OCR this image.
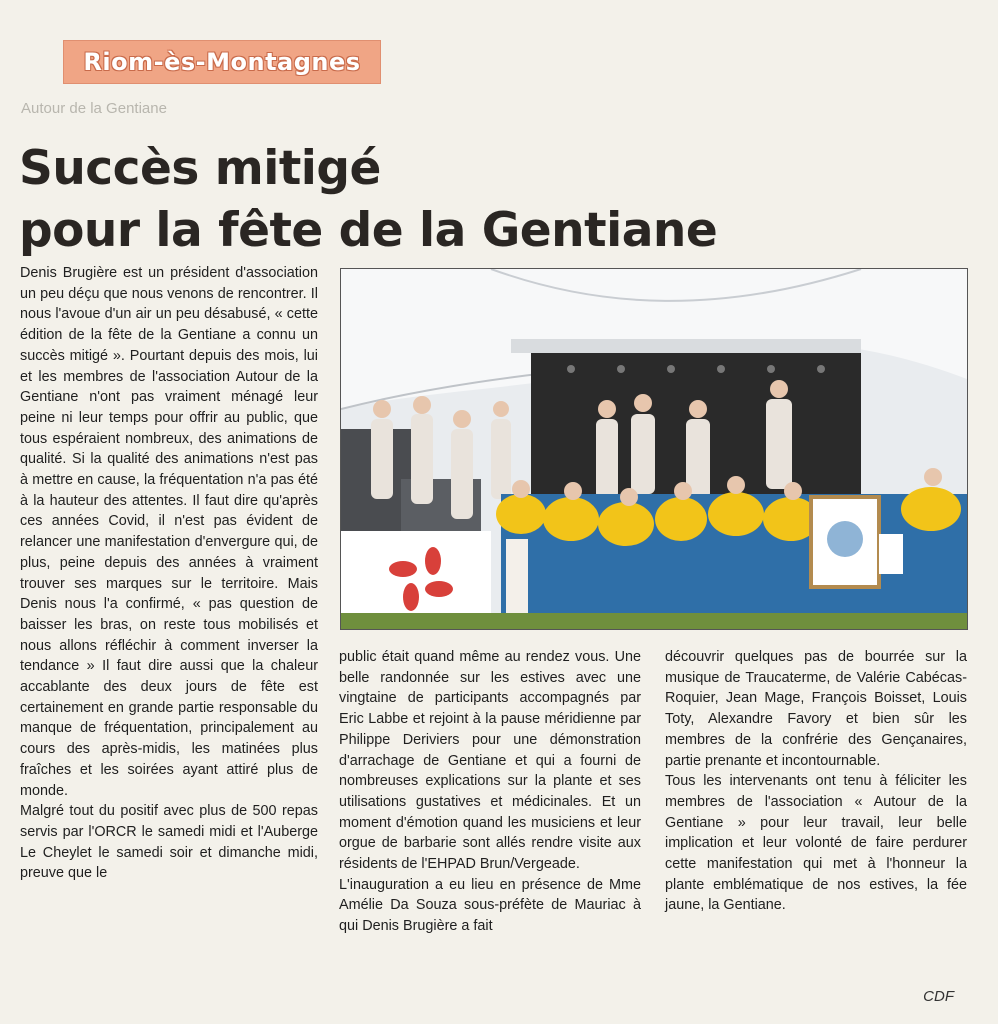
Riom-ès-Montagnes
Autour de la Gentiane
Succès mitigé
pour la fête de la Gentiane

Denis Brugière est un président d'association un peu déçu que nous venons de rencontrer. Il nous l'avoue d'un air un peu désabusé, « cette édition de la fête de la Gentiane a connu un succès mitigé ». Pourtant depuis des mois, lui et les membres de l'association Autour de la Gentiane n'ont pas vraiment ménagé leur peine ni leur temps pour offrir au public, que tous espéraient nombreux, des animations de qualité. Si la qualité des animations n'est pas à mettre en cause, la fréquentation n'a pas été à la hauteur des attentes. Il faut dire qu'après ces années Covid, il n'est pas évident de relancer une manifestation d'envergure qui, de plus, peine depuis des années à vraiment trouver ses marques sur le territoire. Mais Denis nous l'a confirmé, « pas question de baisser les bras, on reste tous mobilisés et nous allons réfléchir à comment inverser la tendance » Il faut dire aussi que la chaleur accablante des deux jours de fête est certainement en grande partie responsable du manque de fréquentation, principalement au cours des après-midis, les matinées plus fraîches et les soirées ayant attiré plus de monde.

Malgré tout du positif avec plus de 500 repas servis par l'ORCR le samedi midi et l'Auberge Le Cheylet le samedi soir et dimanche midi, preuve que le

public était quand même au rendez vous. Une belle randonnée sur les estives avec une vingtaine de participants accompagnés par Eric Labbe et rejoint à la pause méridienne par Philippe Deriviers pour une démonstration d'arrachage de Gentiane et qui a fourni de nombreuses explications sur la plante et ses utilisations gustatives et médicinales. Et un moment d'émotion quand les musiciens et leur orgue de barbarie sont allés rendre visite aux résidents de l'EHPAD Brun/Vergeade.

L'inauguration a eu lieu en présence de Mme Amélie Da Souza sous-préfète de Mauriac à qui Denis Brugière a fait

découvrir quelques pas de bourrée sur la musique de Traucaterme, de Valérie Cabécas-Roquier, Jean Mage, François Boisset, Louis Toty, Alexandre Favory et bien sûr les membres de la confrérie des Gençanaires, partie prenante et incontournable.

Tous les intervenants ont tenu à féliciter les membres de l'association « Autour de la Gentiane » pour leur travail, leur belle implication et leur volonté de faire perdurer cette manifestation qui met à l'honneur la plante emblématique de nos estives, la fée jaune, la Gentiane.

CDF
